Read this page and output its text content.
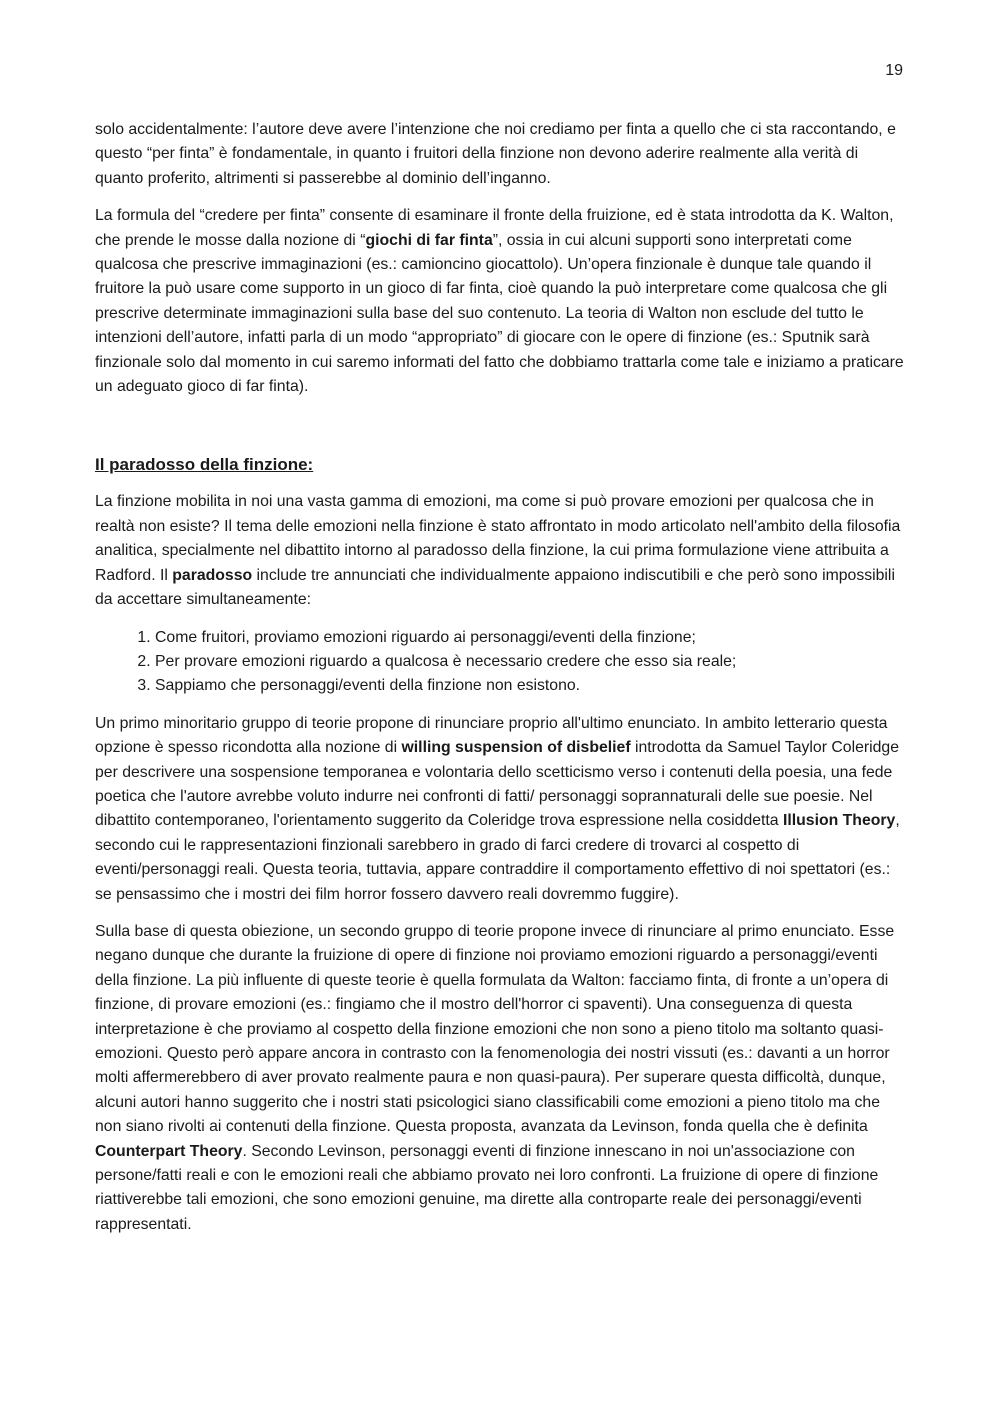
19

solo accidentalmente: l’autore deve avere l’intenzione che noi crediamo per finta a quello che ci sta raccontando, e questo “per finta” è fondamentale, in quanto i fruitori della finzione non devono aderire realmente alla verità di quanto proferito, altrimenti si passerebbe al dominio dell’inganno.

La formula del “credere per finta” consente di esaminare il fronte della fruizione, ed è stata introdotta da K. Walton, che prende le mosse dalla nozione di “giochi di far finta”, ossia in cui alcuni supporti sono interpretati come qualcosa che prescrive immaginazioni (es.: camioncino giocattolo). Un’opera finzionale è dunque tale quando il fruitore la può usare come supporto in un gioco di far finta, cioè quando la può interpretare come qualcosa che gli prescrive determinate immaginazioni sulla base del suo contenuto. La teoria di Walton non esclude del tutto le intenzioni dell’autore, infatti parla di un modo “appropriato” di giocare con le opere di finzione (es.: Sputnik sarà finzionale solo dal momento in cui saremo informati del fatto che dobbiamo trattarla come tale e iniziamo a praticare un adeguato gioco di far finta).

Il paradosso della finzione:

La finzione mobilita in noi una vasta gamma di emozioni, ma come si può provare emozioni per qualcosa che in realtà non esiste? Il tema delle emozioni nella finzione è stato affrontato in modo articolato nell'ambito della filosofia analitica, specialmente nel dibattito intorno al paradosso della finzione, la cui prima formulazione viene attribuita a Radford. Il paradosso include tre annunciati che individualmente appaiono indiscutibili e che però sono impossibili da accettare simultaneamente:

1. Come fruitori, proviamo emozioni riguardo ai personaggi/eventi della finzione;
2. Per provare emozioni riguardo a qualcosa è necessario credere che esso sia reale;
3. Sappiamo che personaggi/eventi della finzione non esistono.

Un primo minoritario gruppo di teorie propone di rinunciare proprio all'ultimo enunciato. In ambito letterario questa opzione è spesso ricondotta alla nozione di willing suspension of disbelief introdotta da Samuel Taylor Coleridge per descrivere una sospensione temporanea e volontaria dello scetticismo verso i contenuti della poesia, una fede poetica che l'autore avrebbe voluto indurre nei confronti di fatti/ personaggi soprannaturali delle sue poesie. Nel dibattito contemporaneo, l'orientamento suggerito da Coleridge trova espressione nella cosiddetta Illusion Theory, secondo cui le rappresentazioni finzionali sarebbero in grado di farci credere di trovarci al cospetto di eventi/personaggi reali. Questa teoria, tuttavia, appare contraddire il comportamento effettivo di noi spettatori (es.: se pensassimo che i mostri dei film horror fossero davvero reali dovremmo fuggire).

Sulla base di questa obiezione, un secondo gruppo di teorie propone invece di rinunciare al primo enunciato. Esse negano dunque che durante la fruizione di opere di finzione noi proviamo emozioni riguardo a personaggi/eventi della finzione. La più influente di queste teorie è quella formulata da Walton: facciamo finta, di fronte a un’opera di finzione, di provare emozioni (es.: fingiamo che il mostro dell'horror ci spaventi). Una conseguenza di questa interpretazione è che proviamo al cospetto della finzione emozioni che non sono a pieno titolo ma soltanto quasi-emozioni. Questo però appare ancora in contrasto con la fenomenologia dei nostri vissuti (es.: davanti a un horror molti affermerebbero di aver provato realmente paura e non quasi-paura). Per superare questa difficoltà, dunque, alcuni autori hanno suggerito che i nostri stati psicologici siano classificabili come emozioni a pieno titolo ma che non siano rivolti ai contenuti della finzione. Questa proposta, avanzata da Levinson, fonda quella che è definita Counterpart Theory. Secondo Levinson, personaggi eventi di finzione innescano in noi un'associazione con persone/fatti reali e con le emozioni reali che abbiamo provato nei loro confronti. La fruizione di opere di finzione riattiverebbe tali emozioni, che sono emozioni genuine, ma dirette alla controparte reale dei personaggi/eventi rappresentati.
